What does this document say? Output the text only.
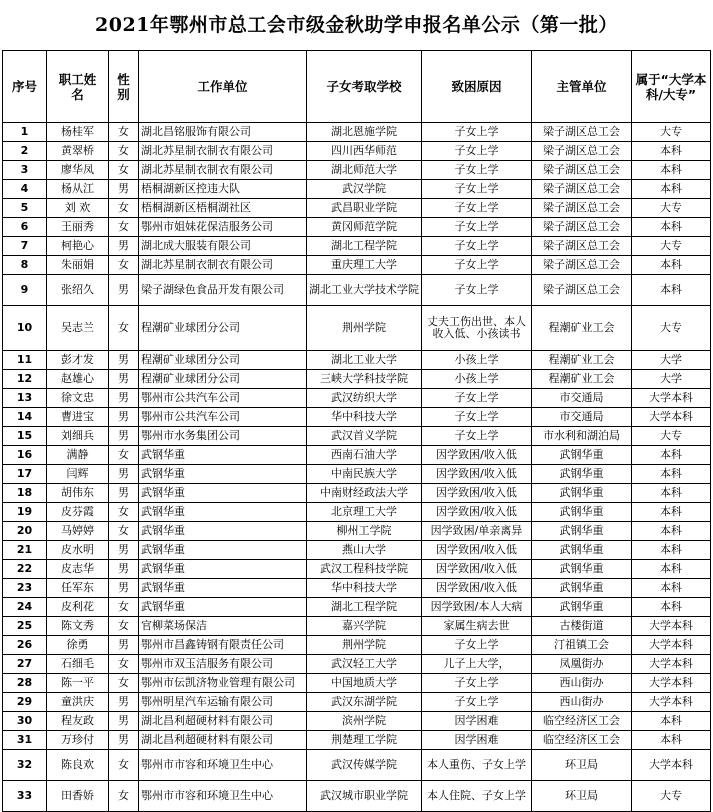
2021年鄂州市总工会市级金秋助学申报名单公示（第一批）
序号	职工姓名	性别	工作单位	子女考取学校	致困原因	主管单位	属于“大学本科/大专”
1	杨桂军	女	湖北昌铭服饰有限公司	湖北恩施学院	子女上学	梁子湖区总工会	大专
2	黄翠桥	女	湖北苏星制衣制衣有限公司	四川西华师范	子女上学	梁子湖区总工会	本科
3	廖华凤	女	湖北苏星制衣制衣有限公司	湖北师范大学	子女上学	梁子湖区总工会	本科
4	杨从江	男	梧桐湖新区控违大队	武汉学院	子女上学	梁子湖区总工会	本科
5	刘 欢	女	梧桐湖新区梧桐湖社区	武昌职业学院	子女上学	梁子湖区总工会	大专
6	王丽秀	女	鄂州市姐妹花保洁服务公司	黄冈师范学院	子女上学	梁子湖区总工会	本科
7	柯艳心	男	湖北成大服装有限公司	湖北工程学院	子女上学	梁子湖区总工会	大专
8	朱丽娟	女	湖北苏星制衣制衣有限公司	重庆理工大学	子女上学	梁子湖区总工会	本科
9	张绍久	男	梁子湖绿色食品开发有限公司	湖北工业大学技术学院	子女上学	梁子湖区总工会	本科
10	吴志兰	女	程潮矿业球团分公司	荆州学院	丈夫工伤出世、本人收入低、小孩读书	程潮矿业工会	大专
11	彭才发	男	程潮矿业球团分公司	湖北工业大学	小孩上学	程潮矿业工会	大学
12	赵雄心	男	程潮矿业球团分公司	三峡大学科技学院	小孩上学	程潮矿业工会	大学
13	徐文忠	男	鄂州市公共汽车公司	武汉纺织大学	子女上学	市交通局	大学本科
14	曹进宝	男	鄂州市公共汽车公司	华中科技大学	子女上学	市交通局	大学本科
15	刘细兵	男	鄂州市水务集团公司	武汉首义学院	子女上学	市水利和湖泊局	大专
16	满静	女	武钢华重	西南石油大学	因学致困/收入低	武钢华重	本科
17	闫辉	男	武钢华重	中南民族大学	因学致困/收入低	武钢华重	本科
18	胡伟东	男	武钢华重	中南财经政法大学	因学致困/收入低	武钢华重	本科
19	皮芬霞	女	武钢华重	北京理工大学	因学致困/收入低	武钢华重	本科
20	马婷婷	女	武钢华重	柳州工学院	因学致困/单亲离异	武钢华重	本科
21	皮水明	男	武钢华重	燕山大学	因学致困/收入低	武钢华重	本科
22	皮志华	男	武钢华重	武汉工程科技学院	因学致困/收入低	武钢华重	本科
23	任军东	男	武钢华重	华中科技大学	因学致困/收入低	武钢华重	本科
24	皮利花	女	武钢华重	湖北工程学院	因学致困/本人大病	武钢华重	本科
25	陈文秀	女	官柳菜场保洁	嘉兴学院	家属生病去世	古楼街道	大学本科
26	徐勇	男	鄂州市昌鑫铸钢有限责任公司	荆州学院	子女上学	汀祖镇工会	大学本科
27	石细毛	女	鄂州市双玉洁服务有限公司	武汉轻工大学	儿子上大学，	凤凰街办	大学本科
28	陈一平	女	鄂州市伝凯济物业管理有限公司	中国地质大学	子女上学	西山街办	大学本科
29	童洪庆	男	鄂州明星汽车运输有限公司	武汉东湖学院	子女上学	西山街办	大学本科
30	程友政	男	湖北昌利超硬材料有限公司	滨州学院	因学困难	临空经济区工会	本科
31	万珍付	男	湖北昌利超硬材料有限公司	荆楚理工学院	因学困难	临空经济区工会	本科
32	陈良欢	女	鄂州市市容和环境卫生中心	武汉传媒学院	本人重伤、子女上学	环卫局	大学本科
33	田香娇	女	鄂州市市容和环境卫生中心	武汉城市职业学院	本人住院、子女上学	环卫局	大专
